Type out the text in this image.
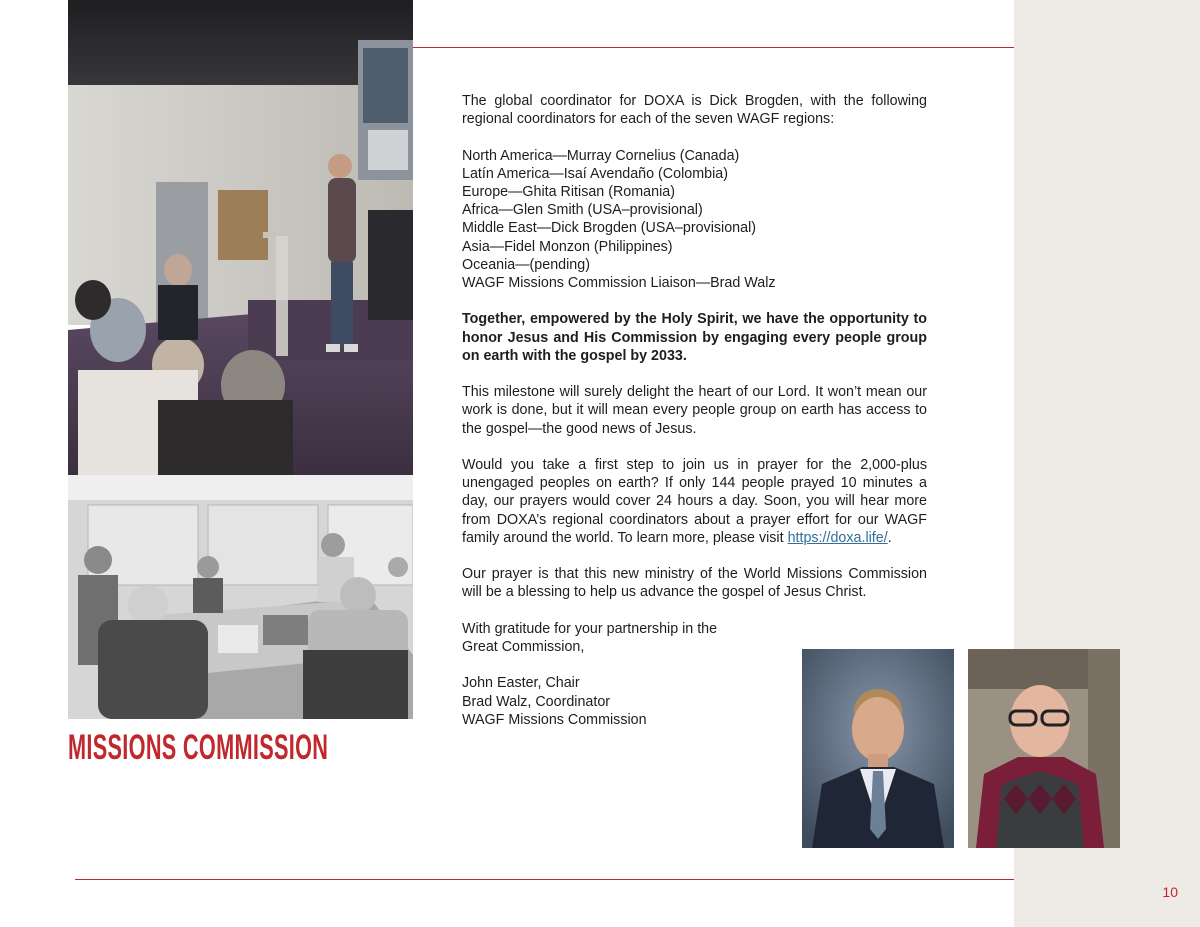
10
MISSIONS COMMISSION

The global coordinator for DOXA is Dick Brogden, with the following regional coordinators for each of the seven WAGF regions:

North America—Murray Cornelius (Canada)
Latín America—Isaí Avendaño (Colombia)
Europe—Ghita Ritisan (Romania)
Africa—Glen Smith (USA–provisional)
Middle East—Dick Brogden (USA–provisional)
Asia—Fidel Monzon (Philippines)
Oceania—(pending)
WAGF Missions Commission Liaison—Brad Walz

Together, empowered by the Holy Spirit, we have the opportunity to honor Jesus and His Commission by engaging every people group on earth with the gospel by 2033.

This milestone will surely delight the heart of our Lord. It won’t mean our work is done, but it will mean every people group on earth has access to the gospel—the good news of Jesus.

Would you take a first step to join us in prayer for the 2,000-plus unengaged peoples on earth? If only 144 people prayed 10 minutes a day, our prayers would cover 24 hours a day. Soon, you will hear more from DOXA’s regional coordinators about a prayer effort for our WAGF family around the world. To learn more, please visit https://doxa.life/.

Our prayer is that this new ministry of the World Missions Commission will be a blessing to help us advance the gospel of Jesus Christ.

With gratitude for your partnership in the
Great Commission,

John Easter, Chair
Brad Walz, Coordinator
WAGF Missions Commission
